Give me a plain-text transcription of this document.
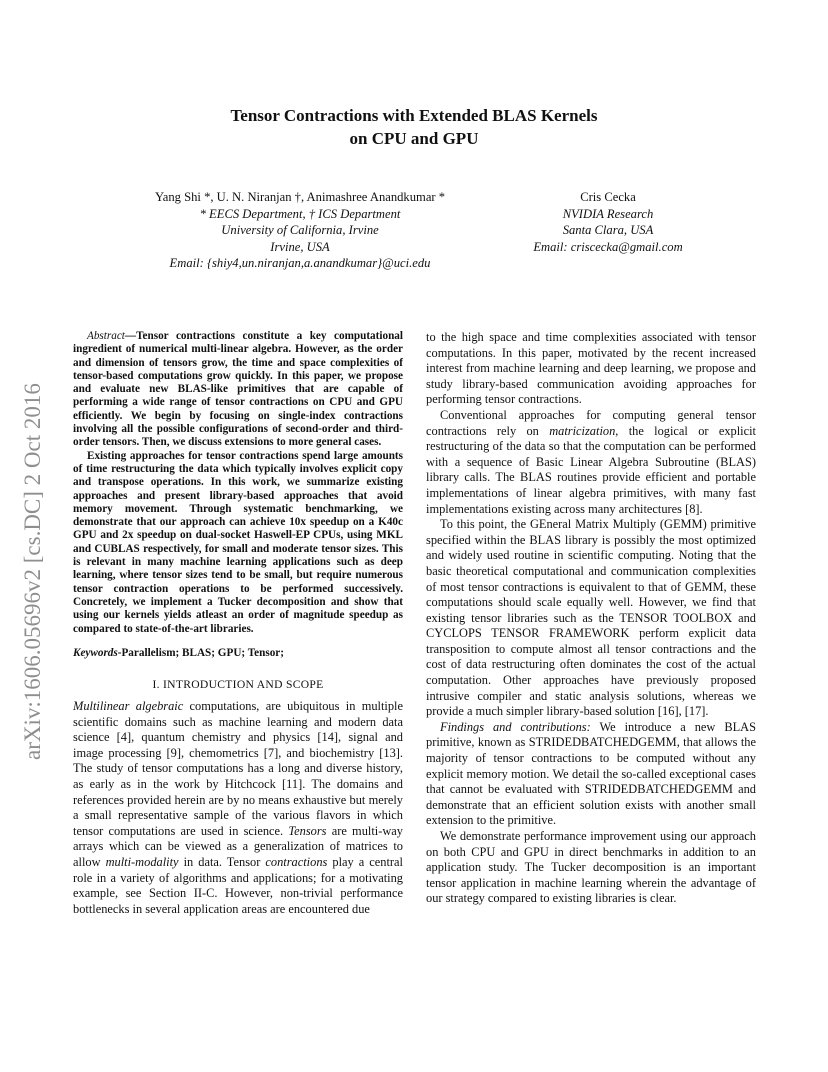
arXiv:1606.05696v2 [cs.DC] 2 Oct 2016
Tensor Contractions with Extended BLAS Kernels
on CPU and GPU
Yang Shi *, U. N. Niranjan †, Animashree Anandkumar *
* EECS Department, † ICS Department
University of California, Irvine
Irvine, USA
Email: {shiy4,un.niranjan,a.anandkumar}@uci.edu
Cris Cecka
NVIDIA Research
Santa Clara, USA
Email: criscecka@gmail.com

Abstract—Tensor contractions constitute a key computational ingredient of numerical multi-linear algebra. However, as the order and dimension of tensors grow, the time and space complexities of tensor-based computations grow quickly. In this paper, we propose and evaluate new BLAS-like primitives that are capable of performing a wide range of tensor contractions on CPU and GPU efficiently. We begin by focusing on single-index contractions involving all the possible configurations of second-order and third-order tensors. Then, we discuss extensions to more general cases.

Existing approaches for tensor contractions spend large amounts of time restructuring the data which typically involves explicit copy and transpose operations. In this work, we summarize existing approaches and present library-based approaches that avoid memory movement. Through systematic benchmarking, we demonstrate that our approach can achieve 10x speedup on a K40c GPU and 2x speedup on dual-socket Haswell-EP CPUs, using MKL and CUBLAS respectively, for small and moderate tensor sizes. This is relevant in many machine learning applications such as deep learning, where tensor sizes tend to be small, but require numerous tensor contraction operations to be performed successively. Concretely, we implement a Tucker decomposition and show that using our kernels yields atleast an order of magnitude speedup as compared to state-of-the-art libraries.

Keywords-Parallelism; BLAS; GPU; Tensor;

I. INTRODUCTION AND SCOPE

Multilinear algebraic computations, are ubiquitous in multiple scientific domains such as machine learning and modern data science [4], quantum chemistry and physics [14], signal and image processing [9], chemometrics [7], and biochemistry [13]. The study of tensor computations has a long and diverse history, as early as in the work by Hitchcock [11]. The domains and references provided herein are by no means exhaustive but merely a small representative sample of the various flavors in which tensor computations are used in science. Tensors are multi-way arrays which can be viewed as a generalization of matrices to allow multi-modality in data. Tensor contractions play a central role in a variety of algorithms and applications; for a motivating example, see Section II-C. However, non-trivial performance bottlenecks in several application areas are encountered due

to the high space and time complexities associated with tensor computations. In this paper, motivated by the recent increased interest from machine learning and deep learning, we propose and study library-based communication avoiding approaches for performing tensor contractions.

Conventional approaches for computing general tensor contractions rely on matricization, the logical or explicit restructuring of the data so that the computation can be performed with a sequence of Basic Linear Algebra Subroutine (BLAS) library calls. The BLAS routines provide efficient and portable implementations of linear algebra primitives, with many fast implementations existing across many architectures [8].

To this point, the GEneral Matrix Multiply (GEMM) primitive specified within the BLAS library is possibly the most optimized and widely used routine in scientific computing. Noting that the basic theoretical computational and communication complexities of most tensor contractions is equivalent to that of GEMM, these computations should scale equally well. However, we find that existing tensor libraries such as the TENSOR TOOLBOX and CYCLOPS TENSOR FRAMEWORK perform explicit data transposition to compute almost all tensor contractions and the cost of data restructuring often dominates the cost of the actual computation. Other approaches have previously proposed intrusive compiler and static analysis solutions, whereas we provide a much simpler library-based solution [16], [17].

Findings and contributions: We introduce a new BLAS primitive, known as STRIDEDBATCHEDGEMM, that allows the majority of tensor contractions to be computed without any explicit memory motion. We detail the so-called exceptional cases that cannot be evaluated with STRIDEDBATCHEDGEMM and demonstrate that an efficient solution exists with another small extension to the primitive.

We demonstrate performance improvement using our approach on both CPU and GPU in direct benchmarks in addition to an application study. The Tucker decomposition is an important tensor application in machine learning wherein the advantage of our strategy compared to existing libraries is clear.
